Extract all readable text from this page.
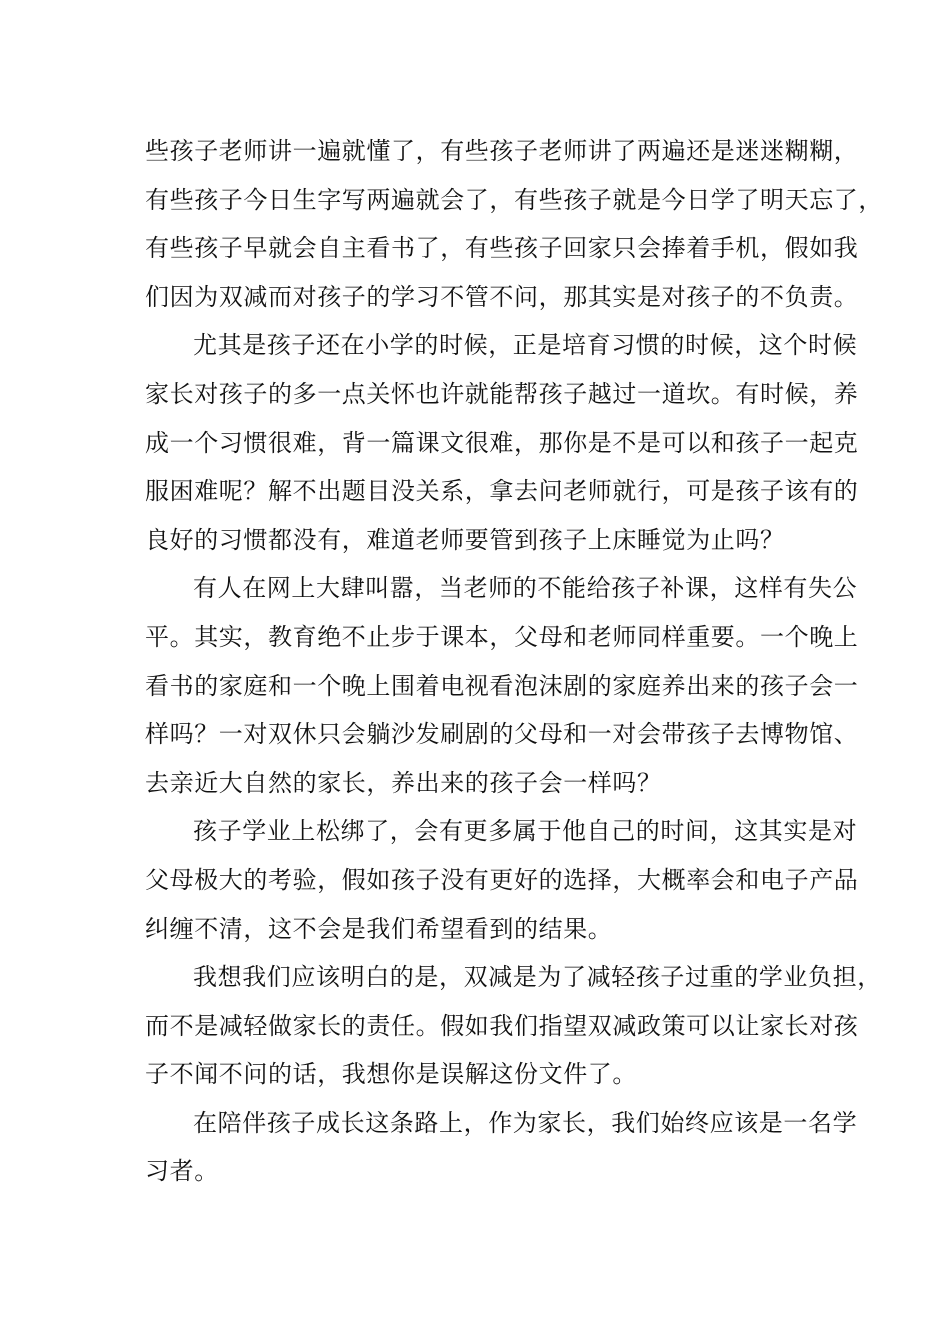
些孩子老师讲一遍就懂了，有些孩子老师讲了两遍还是迷迷糊糊，
有些孩子今日生字写两遍就会了，有些孩子就是今日学了明天忘了，
有些孩子早就会自主看书了，有些孩子回家只会捧着手机，假如我
们因为双减而对孩子的学习不管不问，那其实是对孩子的不负责。
尤其是孩子还在小学的时候，正是培育习惯的时候，这个时候
家长对孩子的多一点关怀也许就能帮孩子越过一道坎。有时候，养
成一个习惯很难，背一篇课文很难，那你是不是可以和孩子一起克
服困难呢？解不出题目没关系，拿去问老师就行，可是孩子该有的
良好的习惯都没有，难道老师要管到孩子上床睡觉为止吗？
有人在网上大肆叫嚣，当老师的不能给孩子补课，这样有失公
平。其实，教育绝不止步于课本，父母和老师同样重要。一个晚上
看书的家庭和一个晚上围着电视看泡沫剧的家庭养出来的孩子会一
样吗？一对双休只会躺沙发刷剧的父母和一对会带孩子去博物馆、
去亲近大自然的家长，养出来的孩子会一样吗？
孩子学业上松绑了，会有更多属于他自己的时间，这其实是对
父母极大的考验，假如孩子没有更好的选择，大概率会和电子产品
纠缠不清，这不会是我们希望看到的结果。
我想我们应该明白的是，双减是为了减轻孩子过重的学业负担，
而不是减轻做家长的责任。假如我们指望双减政策可以让家长对孩
子不闻不问的话，我想你是误解这份文件了。
在陪伴孩子成长这条路上，作为家长，我们始终应该是一名学
习者。
